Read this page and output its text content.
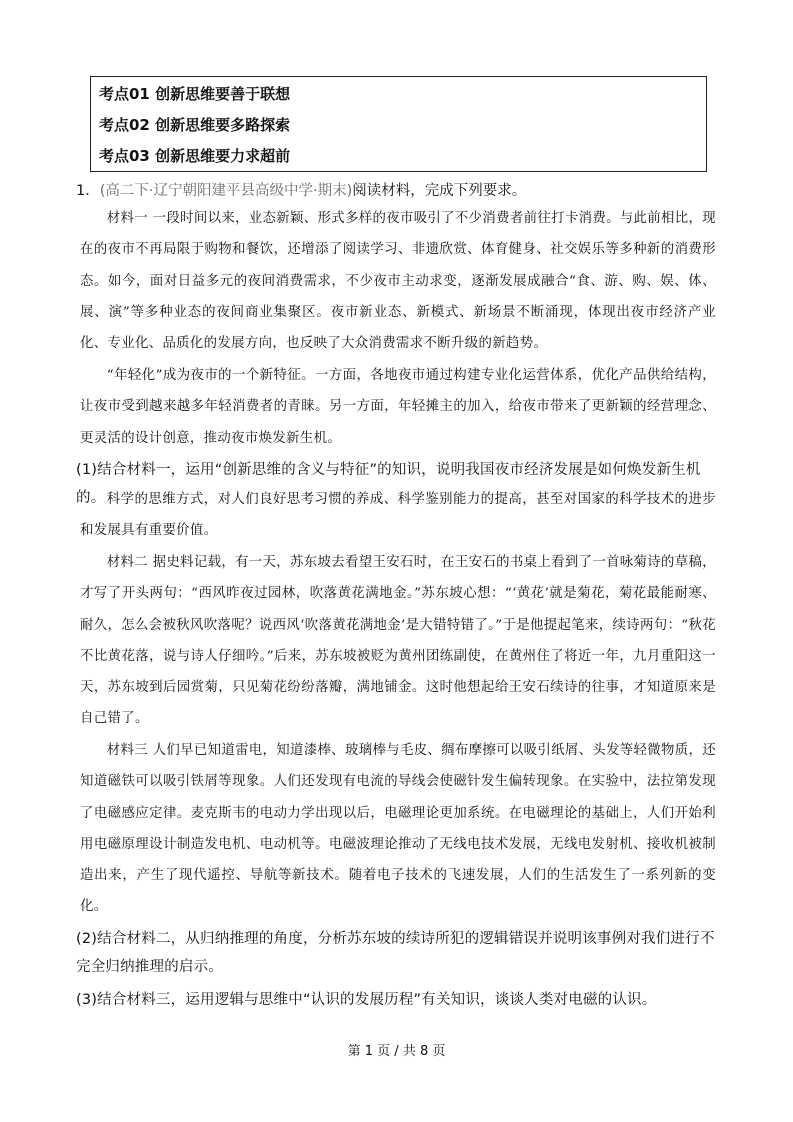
考点01 创新思维要善于联想
考点02 创新思维要多路探索
考点03 创新思维要力求超前
1．(高二下·辽宁朝阳建平县高级中学·期末)阅读材料，完成下列要求。

材料一 一段时间以来，业态新颖、形式多样的夜市吸引了不少消费者前往打卡消费。与此前相比，现在的夜市不再局限于购物和餐饮，还增添了阅读学习、非遗欣赏、体育健身、社交娱乐等多种新的消费形态。如今，面对日益多元的夜间消费需求，不少夜市主动求变，逐渐发展成融合“食、游、购、娱、体、展、演”等多种业态的夜间商业集聚区。夜市新业态、新模式、新场景不断涌现，体现出夜市经济产业化、专业化、品质化的发展方向，也反映了大众消费需求不断升级的新趋势。

“年轻化”成为夜市的一个新特征。一方面，各地夜市通过构建专业化运营体系，优化产品供给结构，让夜市受到越来越多年轻消费者的青睐。另一方面，年轻摊主的加入，给夜市带来了更新颖的经营理念、更灵活的设计创意，推动夜市焕发新生机。

(1)结合材料一，运用“创新思维的含义与特征”的知识，说明我国夜市经济发展是如何焕发新生机的。 科学的思维方式，对人们良好思考习惯的养成、科学鉴别能力的提高，甚至对国家的科学技术的进步和发展具有重要价值。

材料二 据史料记载，有一天，苏东坡去看望王安石时，在王安石的书桌上看到了一首咏菊诗的草稿，才写了开头两句：“西风昨夜过园林，吹落黄花满地金。”苏东坡心想：“‘黄花’就是菊花，菊花最能耐寒、耐久，怎么会被秋风吹落呢？说西风‘吹落黄花满地金’是大错特错了。”于是他提起笔来，续诗两句：“秋花不比黄花落，说与诗人仔细吟。”后来，苏东坡被贬为黄州团练副使，在黄州住了将近一年，九月重阳这一天，苏东坡到后园赏菊，只见菊花纷纷落瓣，满地铺金。这时他想起给王安石续诗的往事，才知道原来是自己错了。

材料三 人们早已知道雷电，知道漆棒、玻璃棒与毛皮、绸布摩擦可以吸引纸屑、头发等轻微物质，还知道磁铁可以吸引铁屑等现象。人们还发现有电流的导线会使磁针发生偏转现象。在实验中，法拉第发现了电磁感应定律。麦克斯韦的电动力学出现以后，电磁理论更加系统。在电磁理论的基础上，人们开始利用电磁原理设计制造发电机、电动机等。电磁波理论推动了无线电技术发展，无线电发射机、接收机被制造出来，产生了现代遥控、导航等新技术。随着电子技术的飞速发展，人们的生活发生了一系列新的变化。

(2)结合材料二，从归纳推理的角度，分析苏东坡的续诗所犯的逻辑错误并说明该事例对我们进行不完全归纳推理的启示。

(3)结合材料三，运用逻辑与思维中“认识的发展历程”有关知识，谈谈人类对电磁的认识。

第 1 页 / 共 8 页
